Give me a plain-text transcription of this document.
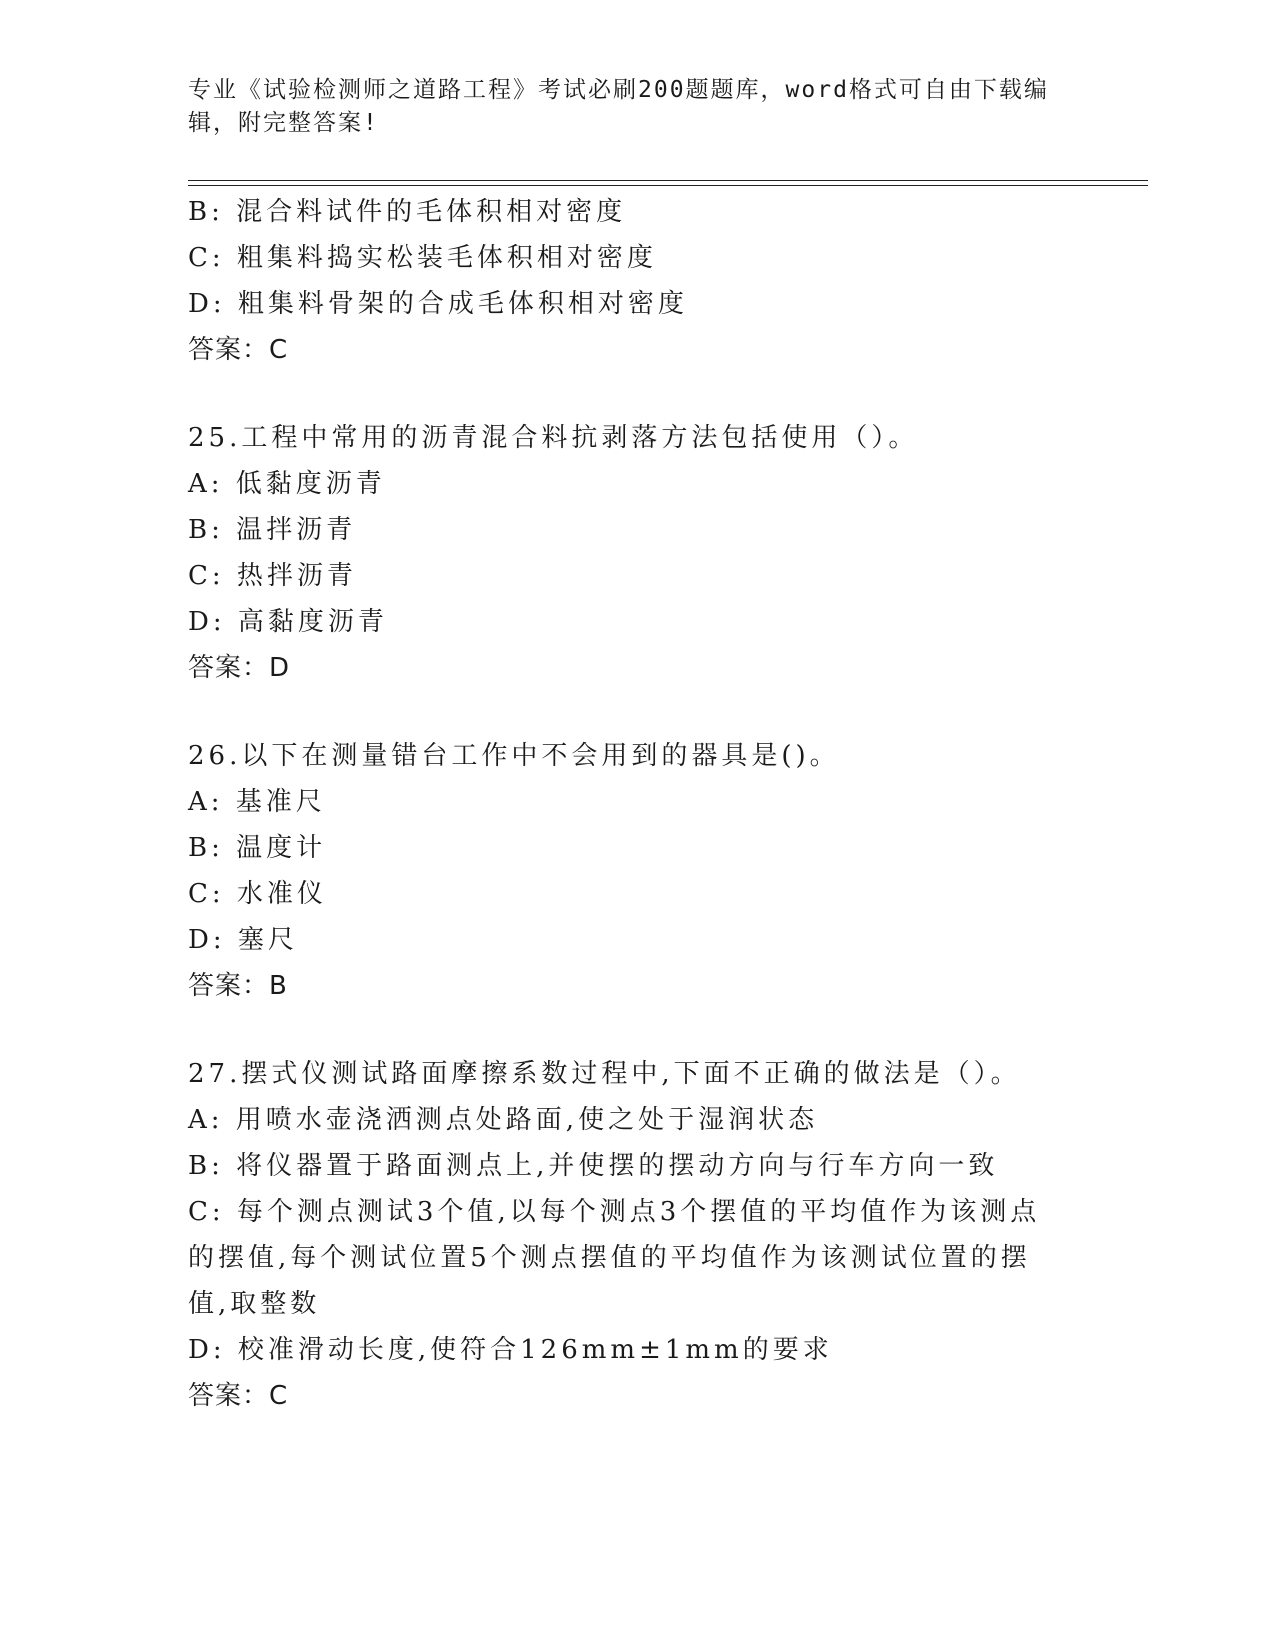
专业《试验检测师之道路工程》考试必刷200题题库，word格式可自由下载编辑，附完整答案!
B: 混合料试件的毛体积相对密度
C: 粗集料捣实松装毛体积相对密度
D: 粗集料骨架的合成毛体积相对密度
答案：C
25.工程中常用的沥青混合料抗剥落方法包括使用（）。
A: 低黏度沥青
B: 温拌沥青
C: 热拌沥青
D: 高黏度沥青
答案：D
26.以下在测量错台工作中不会用到的器具是()。
A: 基准尺
B: 温度计
C: 水准仪
D: 塞尺
答案：B
27.摆式仪测试路面摩擦系数过程中,下面不正确的做法是（）。
A: 用喷水壶浇洒测点处路面,使之处于湿润状态
B: 将仪器置于路面测点上,并使摆的摆动方向与行车方向一致
C: 每个测点测试3个值,以每个测点3个摆值的平均值作为该测点的摆值,每个测试位置5个测点摆值的平均值作为该测试位置的摆值,取整数
D: 校准滑动长度,使符合126mm±1mm的要求
答案：C
